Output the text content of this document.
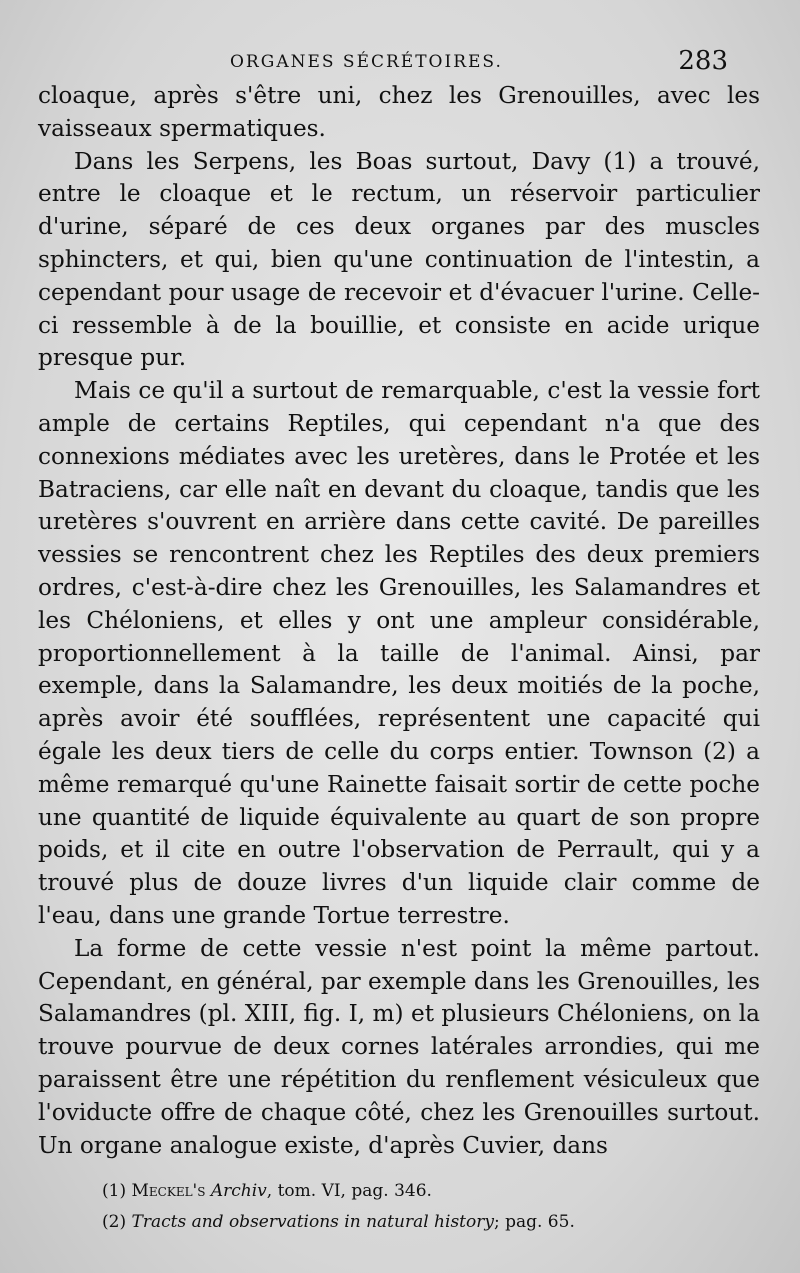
ORGANES SÉCRÉTOIRES.	283

cloaque, après s'être uni, chez les Grenouilles, avec les vaisseaux spermatiques.

Dans les Serpens, les Boas surtout, Davy (1) a trouvé, entre le cloaque et le rectum, un réservoir particulier d'urine, séparé de ces deux organes par des muscles sphincters, et qui, bien qu'une continuation de l'intestin, a cependant pour usage de recevoir et d'évacuer l'urine. Celle-ci ressemble à de la bouillie, et consiste en acide urique presque pur.

Mais ce qu'il a surtout de remarquable, c'est la vessie fort ample de certains Reptiles, qui cependant n'a que des connexions médiates avec les uretères, dans le Protée et les Batraciens, car elle naît en devant du cloaque, tandis que les uretères s'ouvrent en arrière dans cette cavité. De pareilles vessies se rencontrent chez les Reptiles des deux premiers ordres, c'est-à-dire chez les Grenouilles, les Salamandres et les Chéloniens, et elles y ont une ampleur considérable, proportionnellement à la taille de l'animal. Ainsi, par exemple, dans la Salamandre, les deux moitiés de la poche, après avoir été soufflées, représentent une capacité qui égale les deux tiers de celle du corps entier. Townson (2) a même remarqué qu'une Rainette faisait sortir de cette poche une quantité de liquide équivalente au quart de son propre poids, et il cite en outre l'observation de Perrault, qui y a trouvé plus de douze livres d'un liquide clair comme de l'eau, dans une grande Tortue terrestre.

La forme de cette vessie n'est point la même partout. Cependant, en général, par exemple dans les Grenouilles, les Salamandres (pl. XIII, fig. I, m) et plusieurs Chéloniens, on la trouve pourvue de deux cornes latérales arrondies, qui me paraissent être une répétition du renflement vésiculeux que l'oviducte offre de chaque côté, chez les Grenouilles surtout. Un organe analogue existe, d'après Cuvier, dans

(1) Meckel's Archiv, tom. VI, pag. 346.

(2) Tracts and observations in natural history; pag. 65.
